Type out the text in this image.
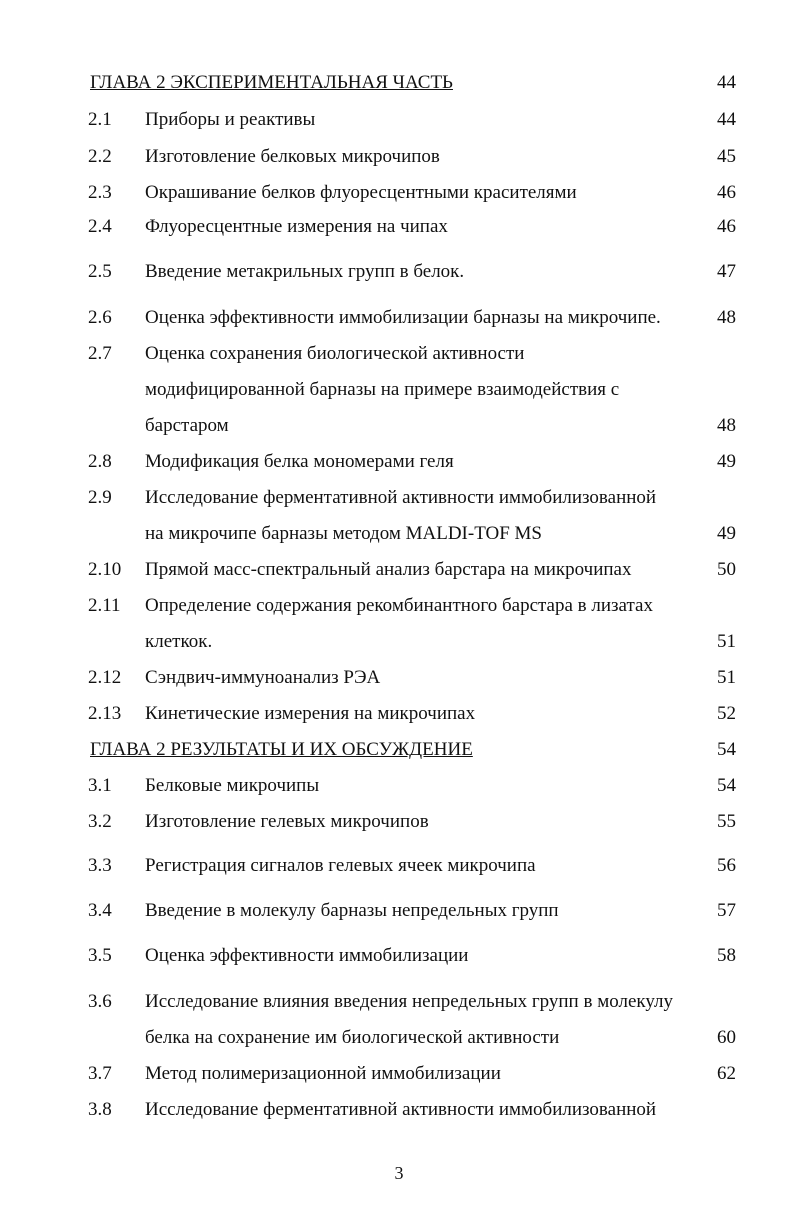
ГЛАВА 2 ЭКСПЕРИМЕНТАЛЬНАЯ ЧАСТЬ	44
2.1 Приборы и реактивы	44
2.2 Изготовление белковых микрочипов	45
2.3 Окрашивание белков флуоресцентными красителями	46
2.4 Флуоресцентные измерения на чипах	46
2.5 Введение метакрильных групп в белок.	47
2.6 Оценка эффективности иммобилизации барназы на микрочипе.	48
2.7 Оценка сохранения биологической активности
модифицированной барназы на примере взаимодействия с
барстаром	48
2.8 Модификация белка мономерами геля	49
2.9 Исследование ферментативной активности иммобилизованной
на микрочипе барназы методом MALDI-TOF MS	49
2.10 Прямой масс-спектральный анализ барстара на микрочипах	50
2.11 Определение содержания рекомбинантного барстара в лизатах
клеткок.	51
2.12 Сэндвич-иммуноанализ РЭА	51
2.13 Кинетические измерения на микрочипах	52
ГЛАВА 2 РЕЗУЛЬТАТЫ И ИХ ОБСУЖДЕНИЕ	54
3.1 Белковые микрочипы	54
3.2 Изготовление гелевых микрочипов	55
3.3 Регистрация сигналов гелевых ячеек микрочипа	56
3.4 Введение в молекулу барназы непредельных групп	57
3.5 Оценка эффективности иммобилизации	58
3.6 Исследование влияния введения непредельных групп в молекулу
белка на сохранение им биологической активности	60
3.7 Метод полимеризационной иммобилизации	62
3.8 Исследование ферментативной активности иммобилизованной
3
